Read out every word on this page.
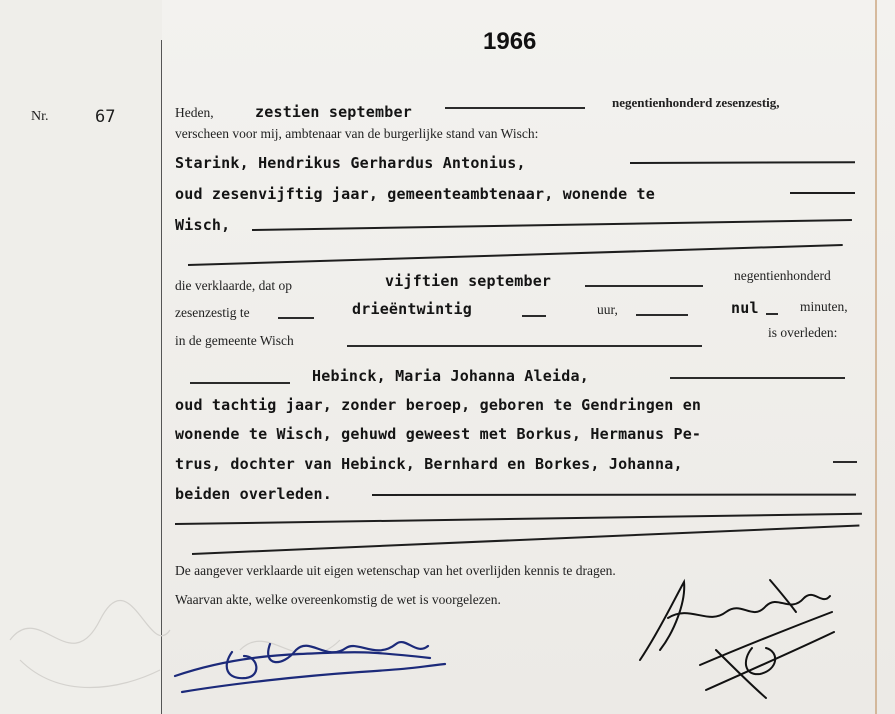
1966
Nr.	67	Heden,	zestien september
negentienhonderd zesenzestig,
verscheen voor mij, ambtenaar van de burgerlijke stand van Wisch:
Starink, Hendrikus Gerhardus Antonius,
oud zesenvijftig jaar, gemeenteambtenaar, wonende te
Wisch,
die verklaarde, dat op	vijftien september	negentienhonderd
zesenzestig te	drieëntwintig	uur,	nul	minuten,
in de gemeente Wisch
is overleden:
Hebinck, Maria Johanna Aleida,
oud tachtig jaar, zonder beroep, geboren te Gendringen en
wonende te Wisch, gehuwd geweest met Borkus, Hermanus Pe-
trus, dochter van Hebinck, Bernhard en Borkes, Johanna,
beiden overleden.
De aangever verklaarde uit eigen wetenschap van het overlijden kennis te dragen.
Waarvan akte, welke overeenkomstig de wet is voorgelezen.
